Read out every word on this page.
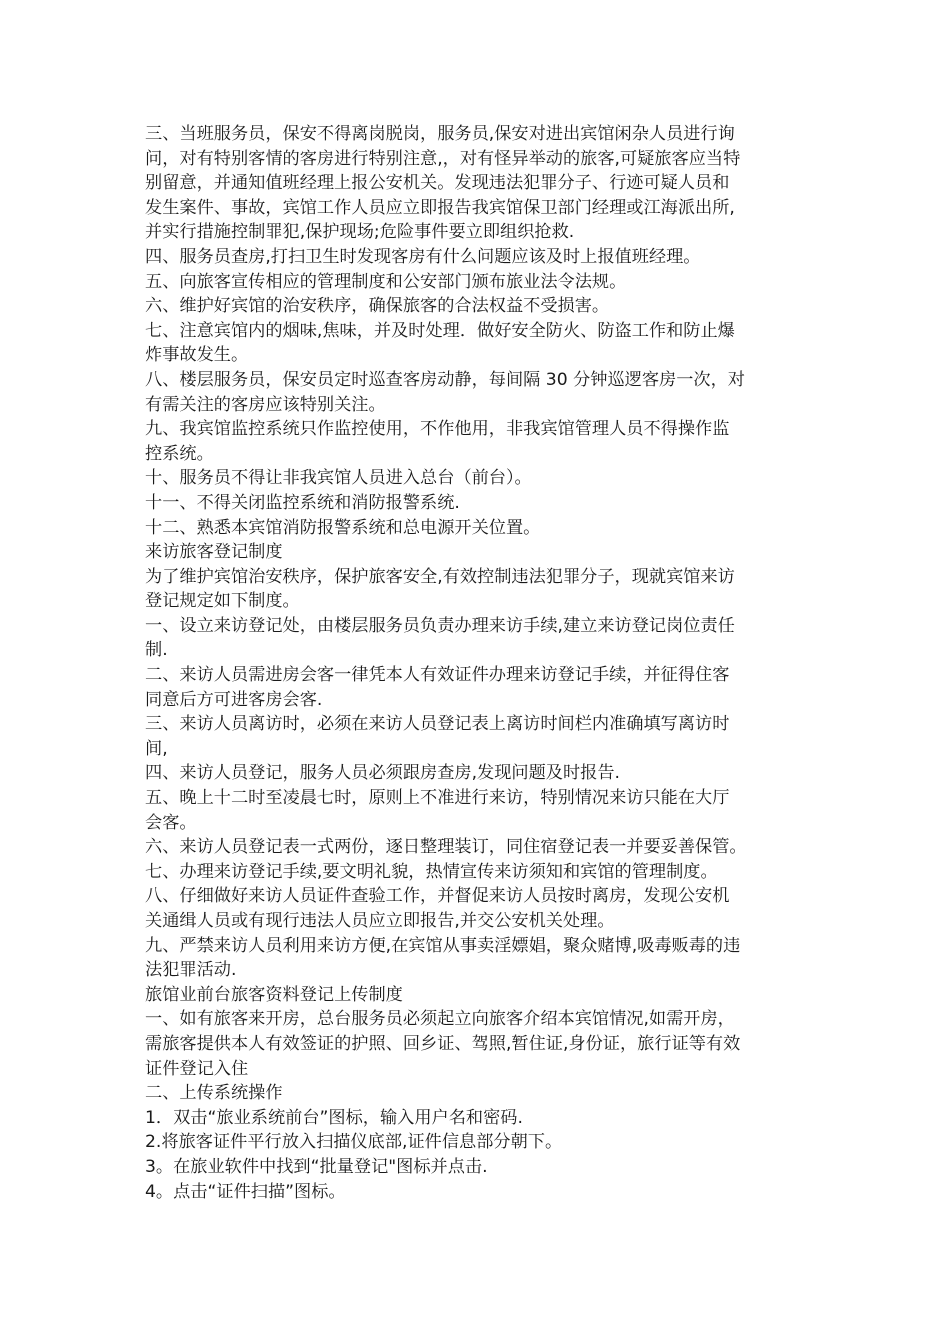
三、当班服务员，保安不得离岗脱岗，服务员,保安对进出宾馆闲杂人员进行询
问，对有特别客情的客房进行特别注意,，对有怪异举动的旅客,可疑旅客应当特
别留意，并通知值班经理上报公安机关。发现违法犯罪分子、行迹可疑人员和
发生案件、事故，宾馆工作人员应立即报告我宾馆保卫部门经理或江海派出所,
并实行措施控制罪犯,保护现场;危险事件要立即组织抢救.
四、服务员查房,打扫卫生时发现客房有什么问题应该及时上报值班经理。
五、向旅客宣传相应的管理制度和公安部门颁布旅业法令法规。
六、维护好宾馆的治安秩序，确保旅客的合法权益不受损害。
七、注意宾馆内的烟味,焦味，并及时处理．做好安全防火、防盗工作和防止爆
炸事故发生。
八、楼层服务员，保安员定时巡查客房动静，每间隔 30 分钟巡逻客房一次，对
有需关注的客房应该特别关注。
九、我宾馆监控系统只作监控使用，不作他用，非我宾馆管理人员不得操作监
控系统。
十、服务员不得让非我宾馆人员进入总台（前台）。
十一、不得关闭监控系统和消防报警系统.
十二、熟悉本宾馆消防报警系统和总电源开关位置。
来访旅客登记制度
为了维护宾馆治安秩序，保护旅客安全,有效控制违法犯罪分子，现就宾馆来访
登记规定如下制度。
一、设立来访登记处，由楼层服务员负责办理来访手续,建立来访登记岗位责任
制.
二、来访人员需进房会客一律凭本人有效证件办理来访登记手续，并征得住客
同意后方可进客房会客.
三、来访人员离访时，必须在来访人员登记表上离访时间栏内准确填写离访时
间,
四、来访人员登记，服务人员必须跟房查房,发现问题及时报告.
五、晚上十二时至凌晨七时，原则上不准进行来访，特别情况来访只能在大厅
会客。
六、来访人员登记表一式两份，逐日整理装订，同住宿登记表一并要妥善保管。
七、办理来访登记手续,要文明礼貌，热情宣传来访须知和宾馆的管理制度。
八、仔细做好来访人员证件查验工作，并督促来访人员按时离房，发现公安机
关通缉人员或有现行违法人员应立即报告,并交公安机关处理。
九、严禁来访人员利用来访方便,在宾馆从事卖淫嫖娼，聚众赌博,吸毒贩毒的违
法犯罪活动.
旅馆业前台旅客资料登记上传制度
一、如有旅客来开房，总台服务员必须起立向旅客介绍本宾馆情况,如需开房，
需旅客提供本人有效签证的护照、回乡证、驾照,暂住证,身份证，旅行证等有效
证件登记入住
二、上传系统操作
1．双击“旅业系统前台”图标，输入用户名和密码.
2.将旅客证件平行放入扫描仪底部,证件信息部分朝下。
3。在旅业软件中找到“批量登记"图标并点击.
4。点击“证件扫描”图标。
